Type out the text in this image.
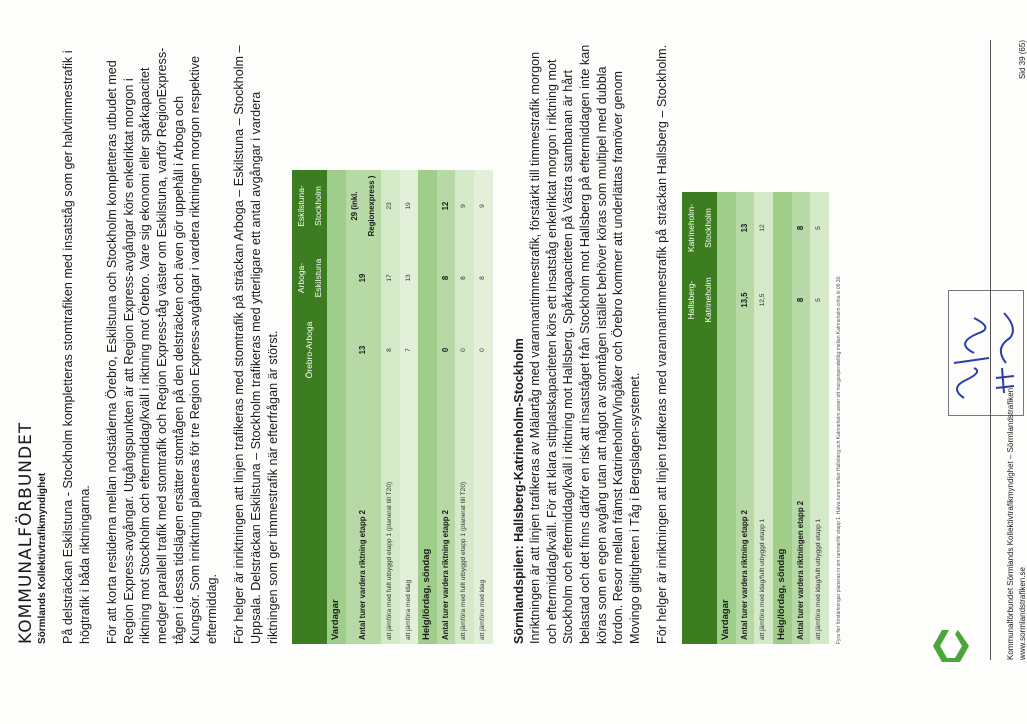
KOMMUNALFÖRBUNDET Sörmlands Kollektivtrafikmyndighet På delsträckan Eskilstuna - Stockholm kompletteras stomtrafiken med insatståg som ger halvtimmestrafik i högtrafik i båda riktningarna. För att korta restiderna mellan nodstäderna Örebro, Eskilstuna och Stockholm kompletteras utbudet med Region Express-avgångar. Utgångspunkten är att Region Express-avgångar körs enkelriktat morgon i riktning mot Stockholm och eftermiddag/kväll i riktning mot Örebro. Vare sig ekonomi eller spårkapacitet medger parallell trafik med stomtrafik och Region Express-tåg väster om Eskilstuna, varför RegionExpress-tågen i dessa tidslägen ersätter stomtågen på den delsträcken och även gör uppehåll i Arboga och Kungsör. Som inriktning planeras för tre Region Express-avgångar i vardera riktningen morgon respektive eftermiddag. För helger är inriktningen att linjen trafikeras med stomtrafik på sträckan Arboga – Eskilstuna – Stockholm – Uppsala. Delsträckan Eskilstuna – Stockholm trafikeras med ytterligare ett antal avgångar i vardera riktningen som ger timmestrafik när efterfrågan är störst.

		Örebro-Arboga	Arboga-Eskilstuna	Eskilstuna-Stockholm
Vardagar			
Antal turer vardera riktning etapp 2	13	19	29 (inkl. Regionexpress )
att jämföra med fullt utbyggd etapp 1 (planerat till T20)	8	17	23
att jämföra med idag	7	13	19
Helg/lördag, söndag			
Antal turer vardera riktning etapp 2	0	8	12
att jämföra med fullt utbyggd etapp 1 (planerat till T20)	0	8	9
att jämföra med idag	0	8	9
Sörmlandspilen: Hallsberg-Katrineholm-Stockholm Inriktningen är att linjen trafikeras av Mälartåg med varannantimmestrafik, förstärkt till timmestrafik morgon och eftermiddag/kväll. För att klara sittplatskapaciteten körs ett insatståg enkelriktat morgon i riktning mot Stockholm och eftermiddag/kväll i riktning mot Hallsberg. Spårkapaciteten på Västra stambanan är hårt belastad och det finns därför en risk att insatståget från Stockholm mot Hallsberg på eftermiddagen inte kan köras som en egen avgång utan att något av stomtågen istället behöver köras som multipel med dubbla fordon. Resor mellan främst Katrineholm/Vingåker och Örebro kommer att underlättas framöver genom Movingo giltigheten i Tåg i Bergslagen-systemet. För helger är inriktningen att linjen trafikeras med varannantimmestrafik på sträckan Hallsberg – Stockholm.

	Hallsberg-Katrineholm	Katrineholm-Stockholm
Vardagar		
Antal turer vardera riktning etapp 2	13,5	13
att jämföra med idag/fullt utbyggd etapp 1	12,5	12
Helg/lördag, söndag		
Antal turer vardera riktningen etapp 2	8	8
att jämföra med idag/fullt utbyggd etapp 1	5	5
Fyra fler förstärkningar planeras in om rammerför etapp 1. Halva turen mellan Hallsberg och Katrineholm avser ett morgonpendeltåg mellan Katrineholm cirka kl 06:30.	Kommunalförbundet Sörmlands Kollektivtrafikmyndighet – Sörmlandstrafiken www.sormlandstrafiken.se
Sid 39 (65)
